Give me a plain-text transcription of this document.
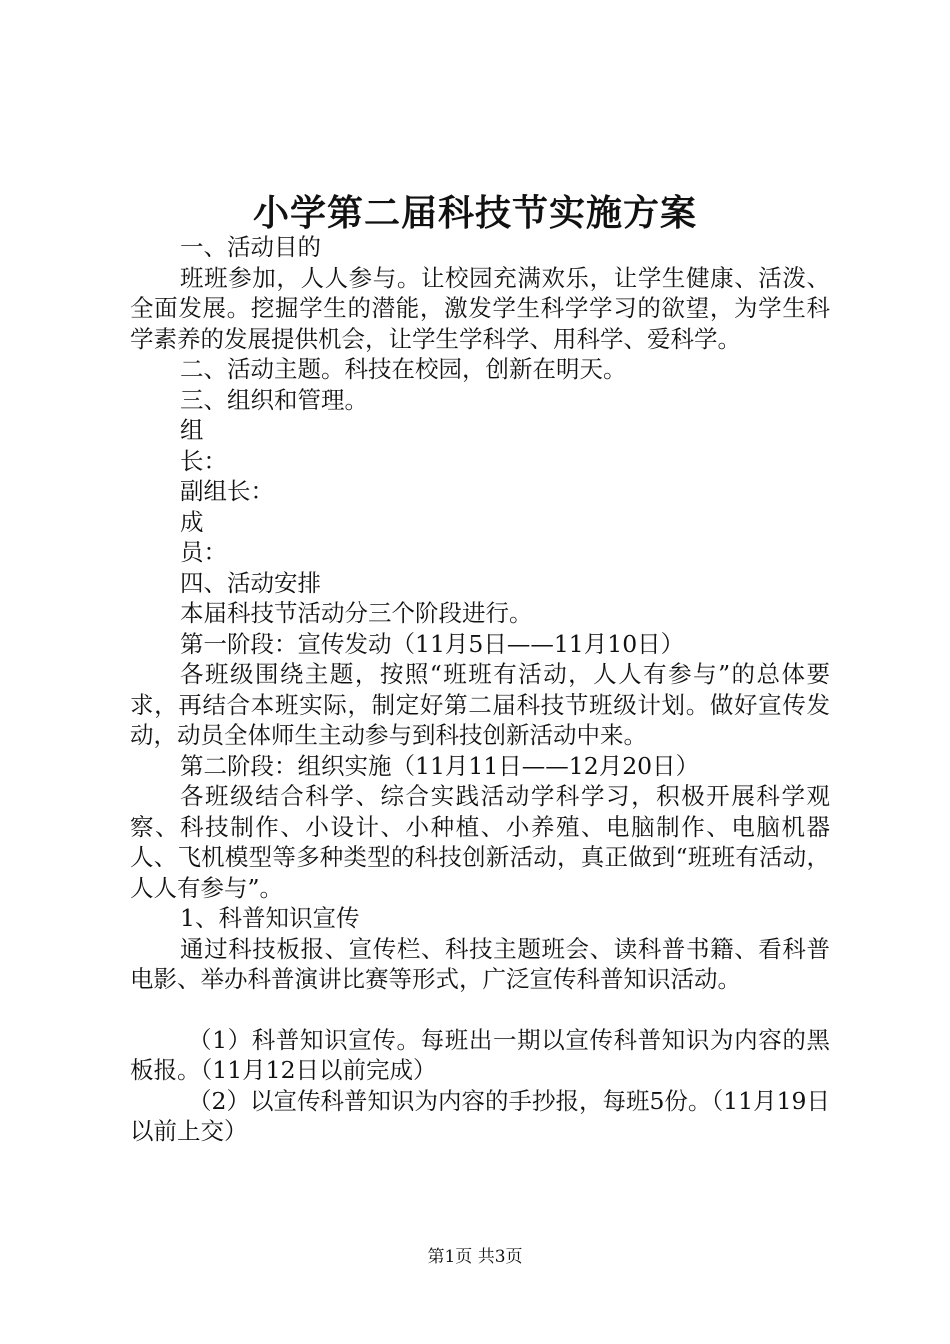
小学第二届科技节实施方案

一、活动目的

班班参加，人人参与。让校园充满欢乐，让学生健康、活泼、全面发展。挖掘学生的潜能，激发学生科学学习的欲望，为学生科学素养的发展提供机会，让学生学科学、用科学、爱科学。

二、活动主题。科技在校园，创新在明天。

三、组织和管理。

组

长：

副组长：

成

员：

四、活动安排

本届科技节活动分三个阶段进行。

第一阶段：宣传发动（11月5日——11月10日）

各班级围绕主题，按照“班班有活动，人人有参与”的总体要求，再结合本班实际，制定好第二届科技节班级计划。做好宣传发动，动员全体师生主动参与到科技创新活动中来。

第二阶段：组织实施（11月11日——12月20日）

各班级结合科学、综合实践活动学科学习，积极开展科学观察、科技制作、小设计、小种植、小养殖、电脑制作、电脑机器人、飞机模型等多种类型的科技创新活动，真正做到“班班有活动，人人有参与”。

1、科普知识宣传

通过科技板报、宣传栏、科技主题班会、读科普书籍、看科普电影、举办科普演讲比赛等形式，广泛宣传科普知识活动。

（1）科普知识宣传。每班出一期以宣传科普知识为内容的黑板报。（11月12日以前完成）

（2）以宣传科普知识为内容的手抄报，每班5份。（11月19日以前上交）

第1页 共3页
